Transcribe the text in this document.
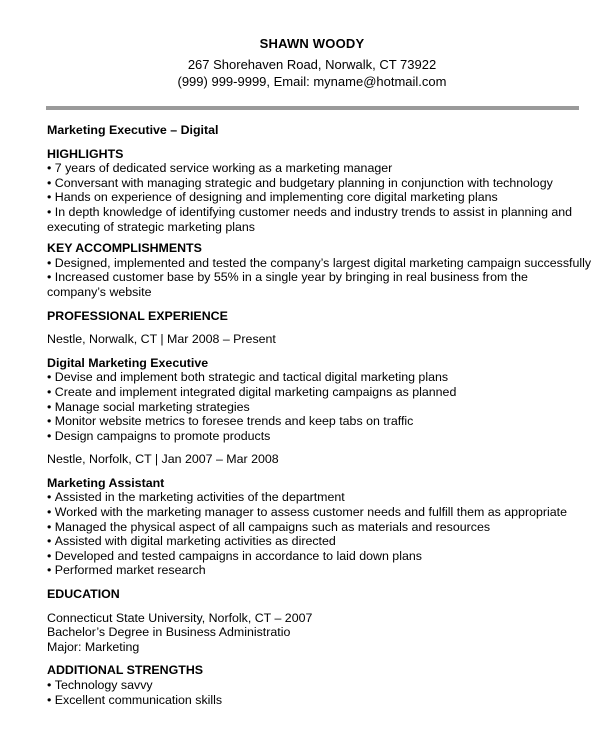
SHAWN WOODY
267 Shorehaven Road, Norwalk, CT 73922
(999) 999-9999, Email: myname@hotmail.com
Marketing Executive – Digital
HIGHLIGHTS
• 7 years of dedicated service working as a marketing manager
• Conversant with managing strategic and budgetary planning in conjunction with technology
• Hands on experience of designing and implementing core digital marketing plans
• In depth knowledge of identifying customer needs and industry trends to assist in planning and executing of strategic marketing plans
KEY ACCOMPLISHMENTS
• Designed, implemented and tested the company’s largest digital marketing campaign successfully
• Increased customer base by 55% in a single year by bringing in real business from the company’s website
PROFESSIONAL EXPERIENCE
Nestle, Norwalk, CT | Mar 2008 – Present
Digital Marketing Executive
• Devise and implement both strategic and tactical digital marketing plans
• Create and implement integrated digital marketing campaigns as planned
• Manage social marketing strategies
• Monitor website metrics to foresee trends and keep tabs on traffic
• Design campaigns to promote products
Nestle, Norfolk, CT | Jan 2007 – Mar 2008
Marketing Assistant
• Assisted in the marketing activities of the department
• Worked with the marketing manager to assess customer needs and fulfill them as appropriate
• Managed the physical aspect of all campaigns such as materials and resources
• Assisted with digital marketing activities as directed
• Developed and tested campaigns in accordance to laid down plans
• Performed market research
EDUCATION
Connecticut State University, Norfolk, CT – 2007
Bachelor’s Degree in Business Administratio
Major: Marketing
ADDITIONAL STRENGTHS
• Technology savvy
• Excellent communication skills
